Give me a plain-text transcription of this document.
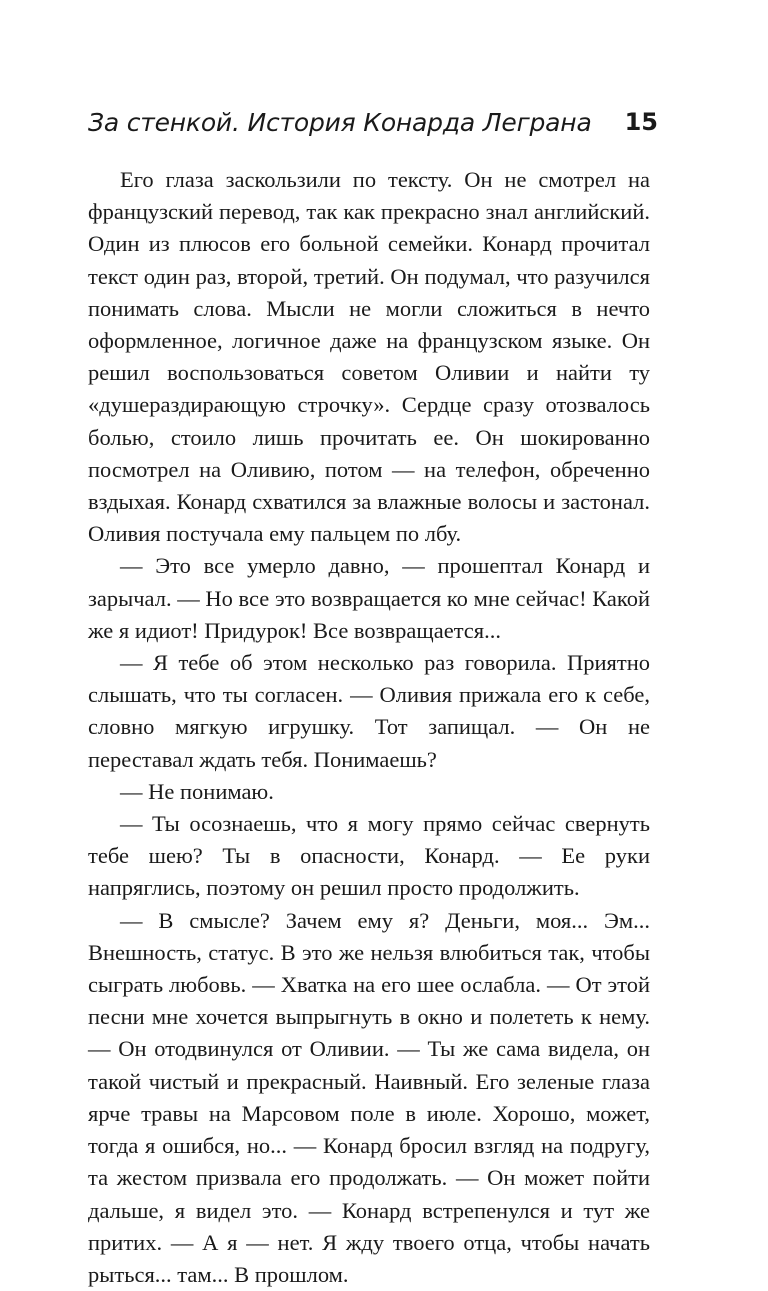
За стенкой. История Конарда Леграна 15

Его глаза заскользили по тексту. Он не смотрел на французский перевод, так как прекрасно знал английский. Один из плюсов его больной семейки. Конард прочитал текст один раз, второй, третий. Он подумал, что разучился понимать слова. Мысли не могли сложиться в нечто оформленное, логичное даже на французском языке. Он решил воспользоваться советом Оливии и найти ту «душераздирающую строчку». Сердце сразу отозвалось болью, стоило лишь прочитать ее. Он шокированно посмотрел на Оливию, потом — на телефон, обреченно вздыхая. Конард схватился за влажные волосы и застонал. Оливия постучала ему пальцем по лбу.

— Это все умерло давно, — прошептал Конард и зарычал. — Но все это возвращается ко мне сейчас! Какой же я идиот! Придурок! Все возвращается...

— Я тебе об этом несколько раз говорила. Приятно слышать, что ты согласен. — Оливия прижала его к себе, словно мягкую игрушку. Тот запищал. — Он не переставал ждать тебя. Понимаешь?

— Не понимаю.

— Ты осознаешь, что я могу прямо сейчас свернуть тебе шею? Ты в опасности, Конард. — Ее руки напряглись, поэтому он решил просто продолжить.

— В смысле? Зачем ему я? Деньги, моя... Эм... Внешность, статус. В это же нельзя влюбиться так, чтобы сыграть любовь. — Хватка на его шее ослабла. — От этой песни мне хочется выпрыгнуть в окно и полететь к нему. — Он отодвинулся от Оливии. — Ты же сама видела, он такой чистый и прекрасный. Наивный. Его зеленые глаза ярче травы на Марсовом поле в июле. Хорошо, может, тогда я ошибся, но... — Конард бросил взгляд на подругу, та жестом призвала его продолжать. — Он может пойти дальше, я видел это. — Конард встрепенулся и тут же притих. — А я — нет. Я жду твоего отца, чтобы начать рыться... там... В прошлом.
